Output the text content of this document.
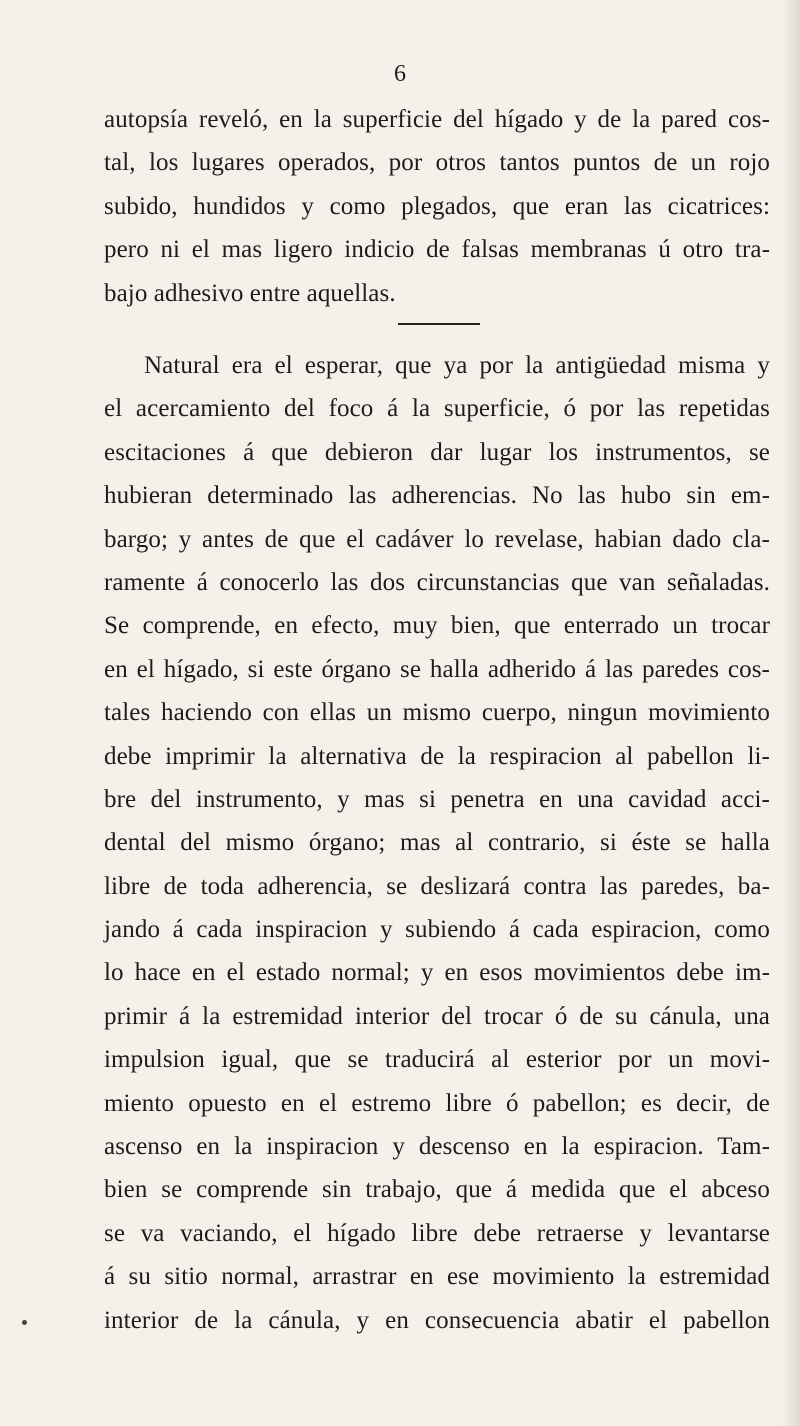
6
autopsía reveló, en la superficie del hígado y de la pared cos-
tal, los lugares operados, por otros tantos puntos de un rojo
subido, hundidos y como plegados, que eran las cicatrices:
pero ni el mas ligero indicio de falsas membranas ú otro tra-
bajo adhesivo entre aquellas.
Natural era el esperar, que ya por la antigüedad misma y
el acercamiento del foco á la superficie, ó por las repetidas
escitaciones á que debieron dar lugar los instrumentos, se
hubieran determinado las adherencias. No las hubo sin em-
bargo; y antes de que el cadáver lo revelase, habian dado cla-
ramente á conocerlo las dos circunstancias que van señaladas.
Se comprende, en efecto, muy bien, que enterrado un trocar
en el hígado, si este órgano se halla adherido á las paredes cos-
tales haciendo con ellas un mismo cuerpo, ningun movimiento
debe imprimir la alternativa de la respiracion al pabellon li-
bre del instrumento, y mas si penetra en una cavidad acci-
dental del mismo órgano; mas al contrario, si éste se halla
libre de toda adherencia, se deslizará contra las paredes, ba-
jando á cada inspiracion y subiendo á cada espiracion, como
lo hace en el estado normal; y en esos movimientos debe im-
primir á la estremidad interior del trocar ó de su cánula, una
impulsion igual, que se traducirá al esterior por un movi-
miento opuesto en el estremo libre ó pabellon; es decir, de
ascenso en la inspiracion y descenso en la espiracion. Tam-
bien se comprende sin trabajo, que á medida que el abceso
se va vaciando, el hígado libre debe retraerse y levantarse
á su sitio normal, arrastrar en ese movimiento la estremidad
interior de la cánula, y en consecuencia abatir el pabellon
